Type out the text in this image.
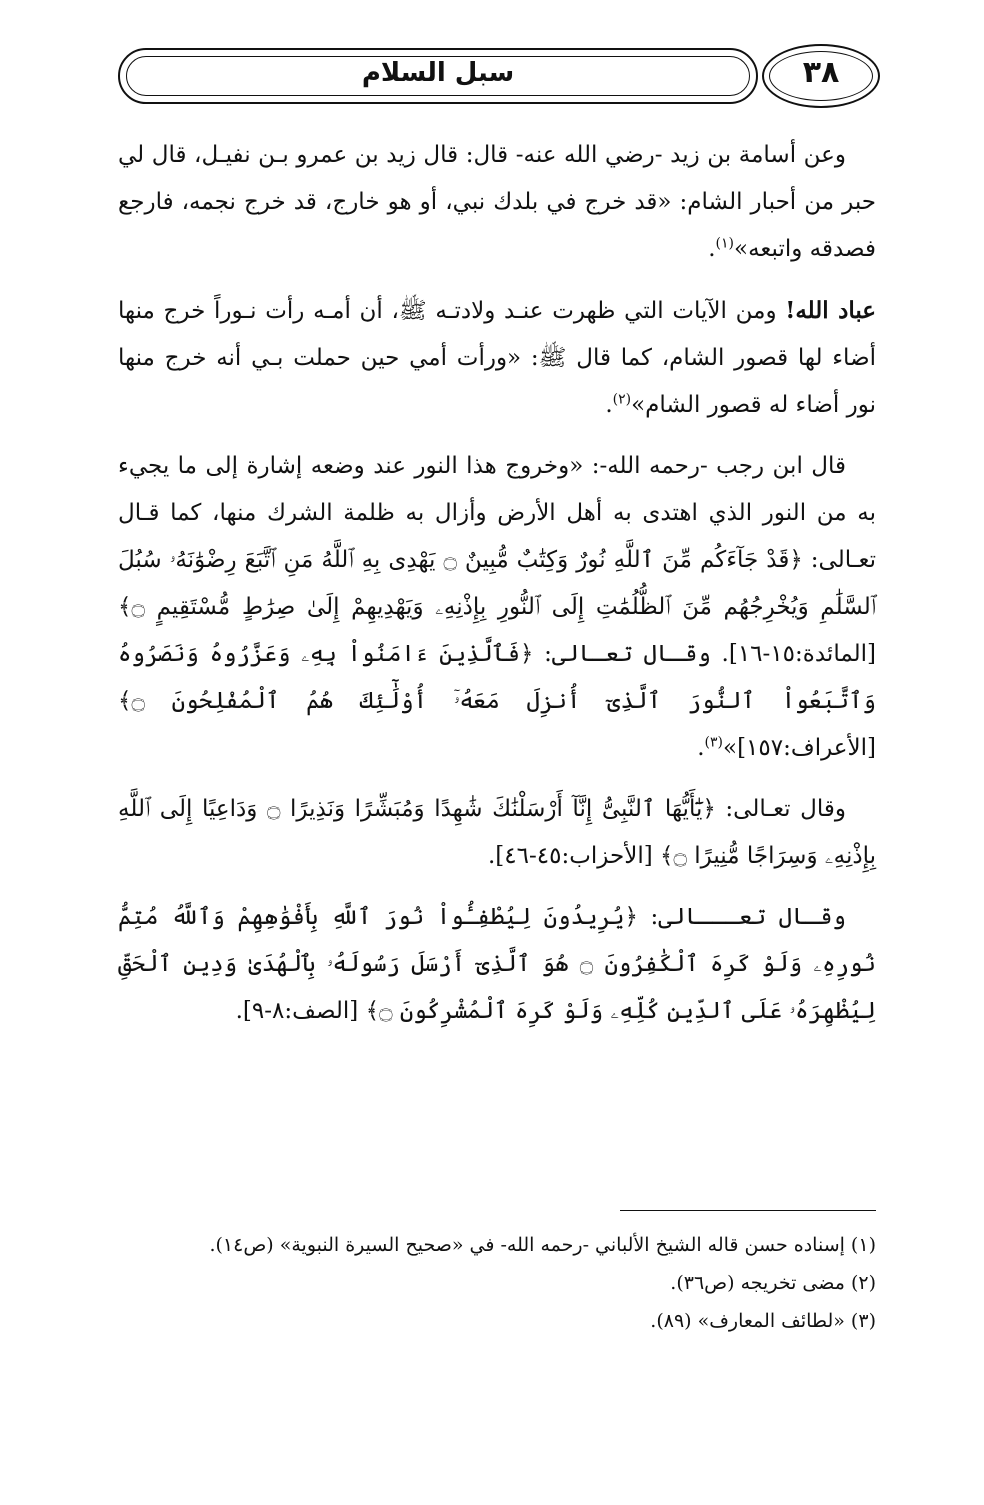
سبل السلام	٣٨

وعن أسامة بن زيد -رضي الله عنه- قال: قال زيد بن عمرو بـن نفيـل، قال لي حبر من أحبار الشام: «قد خرج في بلدك نبي، أو هو خارج، قد خرج نجمه، فارجع فصدقه واتبعه»$^{(١)}$.

عباد الله! ومن الآيات التي ظهرت عنـد ولادتـه ﷺ، أن أمـه رأت نـوراً خرج منها أضاء لها قصور الشام، كما قال ﷺ: «ورأت أمي حين حملت بـي أنه خرج منها نور أضاء له قصور الشام»$^{(٢)}$.

قال ابن رجب -رحمه الله-: «وخروج هذا النور عند وضعه إشارة إلى ما يجيء به من النور الذي اهتدى به أهل الأرض وأزال به ظلمة الشرك منها، كما قـال تعـالى: ﴿قَدْ جَآءَكُم مِّنَ ٱللَّهِ نُورٌ وَكِتَٰبٌ مُّبِينٌ ۝ يَهْدِى بِهِ ٱللَّهُ مَنِ ٱتَّبَعَ رِضْوَٰنَهُۥ سُبُلَ ٱلسَّلَٰمِ وَيُخْرِجُهُم مِّنَ ٱلظُّلُمَٰتِ إِلَى ٱلنُّورِ بِإِذْنِهِۦ وَيَهْدِيهِمْ إِلَىٰ صِرَٰطٍ مُّسْتَقِيمٍ ۝﴾ [المائدة:١٥-١٦]. وقـال تعـالى: ﴿فَٱلَّذِينَ ءَامَنُواْ بِهِۦ وَعَزَّرُوهُ وَنَصَرُوهُ وَٱتَّبَعُواْ ٱلنُّورَ ٱلَّذِىٓ أُنزِلَ مَعَهُۥٓ أُوْلَٰٓئِكَ هُمُ ٱلْمُفْلِحُونَ ۝﴾ [الأعراف:١٥٧]»$^{(٣)}$.

وقال تعـالى: ﴿يَٰٓأَيُّهَا ٱلنَّبِىُّ إِنَّآ أَرْسَلْنَٰكَ شَٰهِدًا وَمُبَشِّرًا وَنَذِيرًا ۝ وَدَاعِيًا إِلَى ٱللَّهِ بِإِذْنِهِۦ وَسِرَاجًا مُّنِيرًا ۝﴾ [الأحزاب:٤٥-٤٦].

وقـال تعـــالى: ﴿يُرِيدُونَ لِيُطْفِـُٔواْ نُورَ ٱللَّهِ بِأَفْوَٰهِهِمْ وَٱللَّهُ مُتِمُّ نُورِهِۦ وَلَوْ كَرِهَ ٱلْكَٰفِرُونَ ۝ هُوَ ٱلَّذِىٓ أَرْسَلَ رَسُولَهُۥ بِٱلْهُدَىٰ وَدِينِ ٱلْحَقِّ لِيُظْهِرَهُۥ عَلَى ٱلدِّينِ كُلِّهِۦ وَلَوْ كَرِهَ ٱلْمُشْرِكُونَ ۝﴾ [الصف:٨-٩].

(١) إسناده حسن قاله الشيخ الألباني -رحمه الله- في «صحيح السيرة النبوية» (ص١٤).

(٢) مضى تخريجه (ص٣٦).

(٣) «لطائف المعارف» (٨٩).
